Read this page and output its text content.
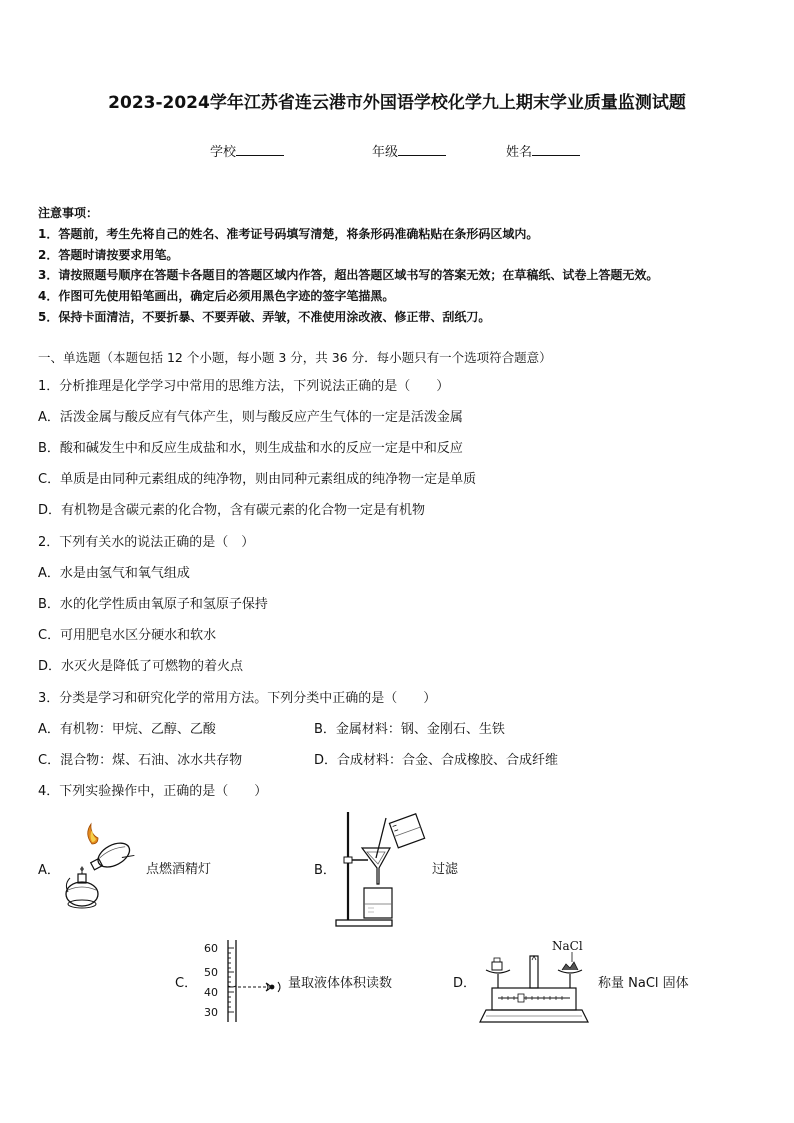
2023-2024学年江苏省连云港市外国语学校化学九上期末学业质量监测试题
学校	年级	姓名
注意事项：
1．答题前，考生先将自己的姓名、准考证号码填写清楚，将条形码准确粘贴在条形码区域内。
2．答题时请按要求用笔。
3．请按照题号顺序在答题卡各题目的答题区域内作答，超出答题区域书写的答案无效；在草稿纸、试卷上答题无效。
4．作图可先使用铅笔画出，确定后必须用黑色字迹的签字笔描黑。
5．保持卡面清洁，不要折暴、不要弄破、弄皱，不准使用涂改液、修正带、刮纸刀。
一、单选题（本题包括 12 个小题，每小题 3 分，共 36 分．每小题只有一个选项符合题意）
1．分析推理是化学学习中常用的思维方法，下列说法正确的是（　　）
A．活泼金属与酸反应有气体产生，则与酸反应产生气体的一定是活泼金属
B．酸和碱发生中和反应生成盐和水，则生成盐和水的反应一定是中和反应
C．单质是由同种元素组成的纯净物，则由同种元素组成的纯净物一定是单质
D．有机物是含碳元素的化合物，含有碳元素的化合物一定是有机物
2．下列有关水的说法正确的是（　）
A．水是由氢气和氧气组成
B．水的化学性质由氧原子和氢原子保持
C．可用肥皂水区分硬水和软水
D．水灭火是降低了可燃物的着火点
3．分类是学习和研究化学的常用方法。下列分类中正确的是（　　）
A．有机物：甲烷、乙醇、乙酸	B．金属材料：钢、金刚石、生铁
C．混合物：煤、石油、冰水共存物	D．合成材料：合金、合成橡胶、合成纤维
4．下列实验操作中，正确的是（　　）
A．	点燃酒精灯	B．	过滤
C．
60
50
40
30
量取液体体积读数	D．
NaCl
称量 NaCl 固体
